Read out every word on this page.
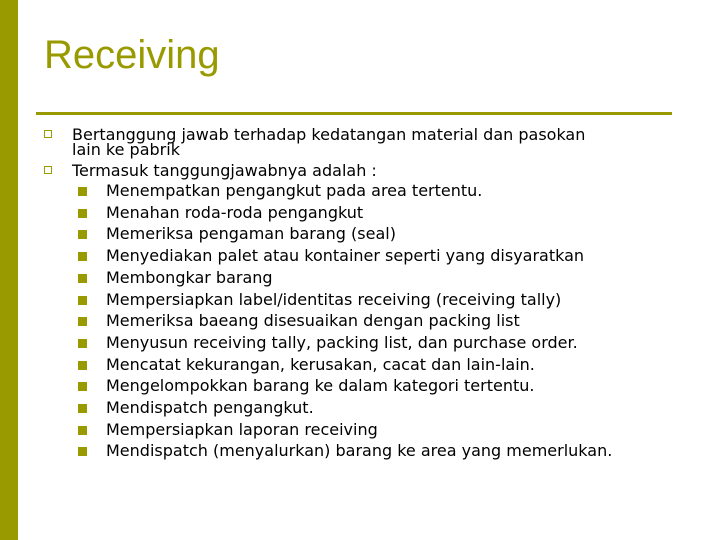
Receiving
Bertanggung jawab terhadap kedatangan material dan pasokan
lain ke pabrik
Termasuk tanggungjawabnya adalah :
Menempatkan pengangkut pada area tertentu.
Menahan roda-roda pengangkut
Memeriksa pengaman barang (seal)
Menyediakan palet atau kontainer seperti yang disyaratkan
Membongkar barang
Mempersiapkan label/identitas receiving (receiving tally)
Memeriksa baeang disesuaikan dengan packing list
Menyusun receiving tally, packing list, dan purchase order.
Mencatat kekurangan, kerusakan, cacat dan lain-lain.
Mengelompokkan barang ke dalam kategori tertentu.
Mendispatch pengangkut.
Mempersiapkan laporan receiving
Mendispatch (menyalurkan) barang ke area yang memerlukan.
